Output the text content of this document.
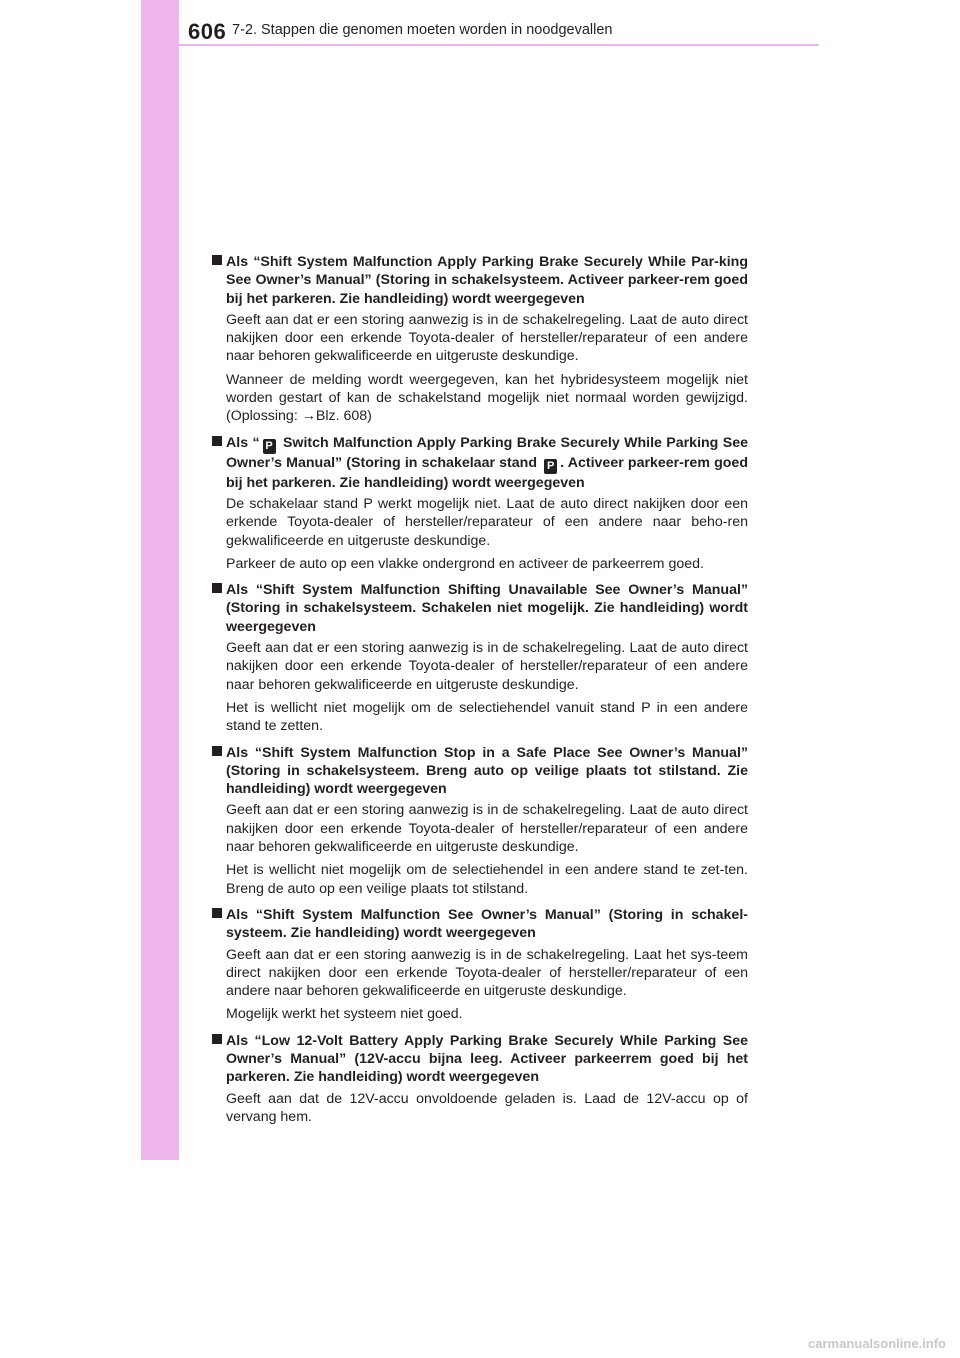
606 7-2. Stappen die genomen moeten worden in noodgevallen
Als “Shift System Malfunction Apply Parking Brake Securely While Par-king See Owner’s Manual” (Storing in schakelsysteem. Activeer parkeer-rem goed bij het parkeren. Zie handleiding) wordt weergegeven
Geeft aan dat er een storing aanwezig is in de schakelregeling. Laat de auto direct nakijken door een erkende Toyota-dealer of hersteller/reparateur of een andere naar behoren gekwalificeerde en uitgeruste deskundige.
Wanneer de melding wordt weergegeven, kan het hybridesysteem mogelijk niet worden gestart of kan de schakelstand mogelijk niet normaal worden gewijzigd. (Oplossing: →Blz. 608)
Als “ P Switch Malfunction Apply Parking Brake Securely While Parking See Owner’s Manual” (Storing in schakelaar stand P . Activeer parkeer-rem goed bij het parkeren. Zie handleiding) wordt weergegeven
De schakelaar stand P werkt mogelijk niet. Laat de auto direct nakijken door een erkende Toyota-dealer of hersteller/reparateur of een andere naar beho-ren gekwalificeerde en uitgeruste deskundige.
Parkeer de auto op een vlakke ondergrond en activeer de parkeerrem goed.
Als “Shift System Malfunction Shifting Unavailable See Owner’s Manual” (Storing in schakelsysteem. Schakelen niet mogelijk. Zie handleiding) wordt weergegeven
Geeft aan dat er een storing aanwezig is in de schakelregeling. Laat de auto direct nakijken door een erkende Toyota-dealer of hersteller/reparateur of een andere naar behoren gekwalificeerde en uitgeruste deskundige.
Het is wellicht niet mogelijk om de selectiehendel vanuit stand P in een andere stand te zetten.
Als “Shift System Malfunction Stop in a Safe Place See Owner’s Manual” (Storing in schakelsysteem. Breng auto op veilige plaats tot stilstand. Zie handleiding) wordt weergegeven
Geeft aan dat er een storing aanwezig is in de schakelregeling. Laat de auto direct nakijken door een erkende Toyota-dealer of hersteller/reparateur of een andere naar behoren gekwalificeerde en uitgeruste deskundige.
Het is wellicht niet mogelijk om de selectiehendel in een andere stand te zet-ten. Breng de auto op een veilige plaats tot stilstand.
Als “Shift System Malfunction See Owner’s Manual” (Storing in schakel-systeem. Zie handleiding) wordt weergegeven
Geeft aan dat er een storing aanwezig is in de schakelregeling. Laat het sys-teem direct nakijken door een erkende Toyota-dealer of hersteller/reparateur of een andere naar behoren gekwalificeerde en uitgeruste deskundige.
Mogelijk werkt het systeem niet goed.
Als “Low 12-Volt Battery Apply Parking Brake Securely While Parking See Owner’s Manual” (12V-accu bijna leeg. Activeer parkeerrem goed bij het parkeren. Zie handleiding) wordt weergegeven
Geeft aan dat de 12V-accu onvoldoende geladen is. Laad de 12V-accu op of vervang hem.
carmanualsonline.info
